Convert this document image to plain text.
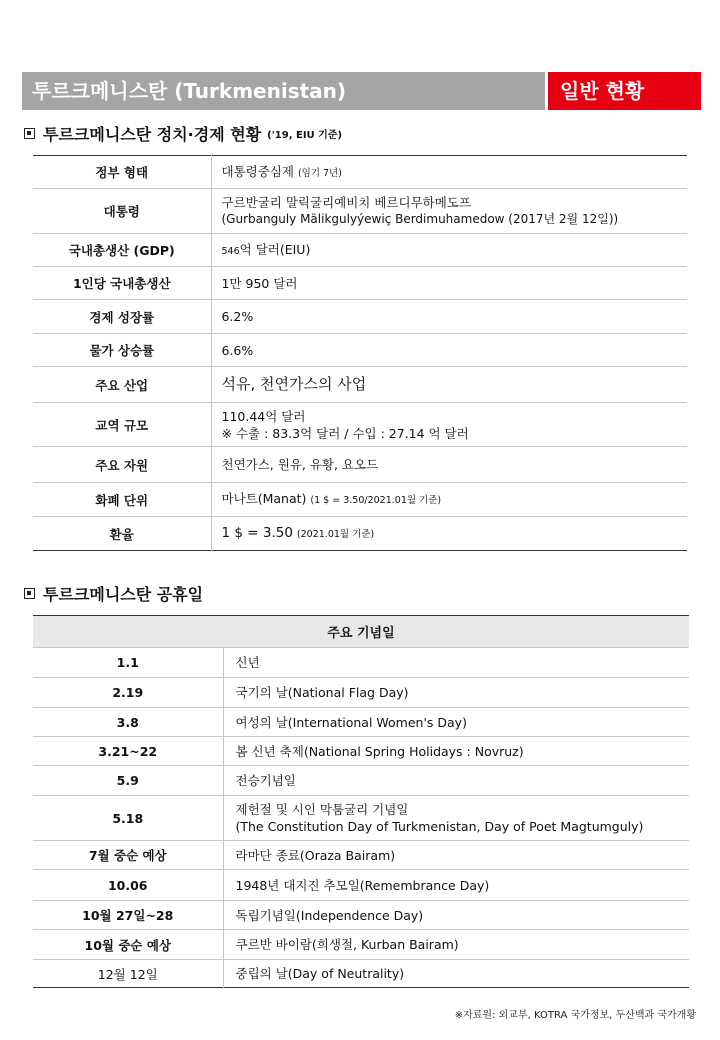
투르크메니스탄 (Turkmenistan)	일반 현황
투르크메니스탄 정치·경제 현황 ('19, EIU 기준)
정부 형태	대통령중심제 (임기 7년)
대통령	구르반굴리 말릭굴리예비치 베르디무하메도프
(Gurbanguly Mälikgulyýewiç Berdimuhamedow (2017년 2월 12일))

국내총생산 (GDP)	546억 달러(EIU)
1인당 국내총생산	1만 950 달러
경제 성장률	6.2%
물가 상승률	6.6%
주요 산업	석유, 천연가스의 사업
교역 규모	110.44억 달러
※ 수출 : 83.3억 달러 / 수입 : 27.14 억 달러

주요 자원	천연가스, 원유, 유황, 요오드
화폐 단위	마나트(Manat) (1 $ = 3.50/2021.01월 기준)
환율	1 $ = 3.50 (2021.01월 기준)
투르크메니스탄 공휴일
주요 기념일	
1.1	신년
2.19	국기의 날(National Flag Day)
3.8	여성의 날(International Women's Day)
3.21~22	봄 신년 축제(National Spring Holidays : Novruz)
5.9	전승기념일
5.18	제헌절 및 시인 막툼굴리 기념일
(The Constitution Day of Turkmenistan, Day of Poet Magtumguly)

7월 중순 예상	라마단 종료(Oraza Bairam)
10.06	1948년 대지진 추모일(Remembrance Day)
10월 27일~28	독립기념일(Independence Day)
10월 중순 예상	쿠르반 바이람(희생절, Kurban Bairam)
12월 12일	중립의 날(Day of Neutrality)
※자료원: 외교부, KOTRA 국가정보, 두산백과 국가개황
